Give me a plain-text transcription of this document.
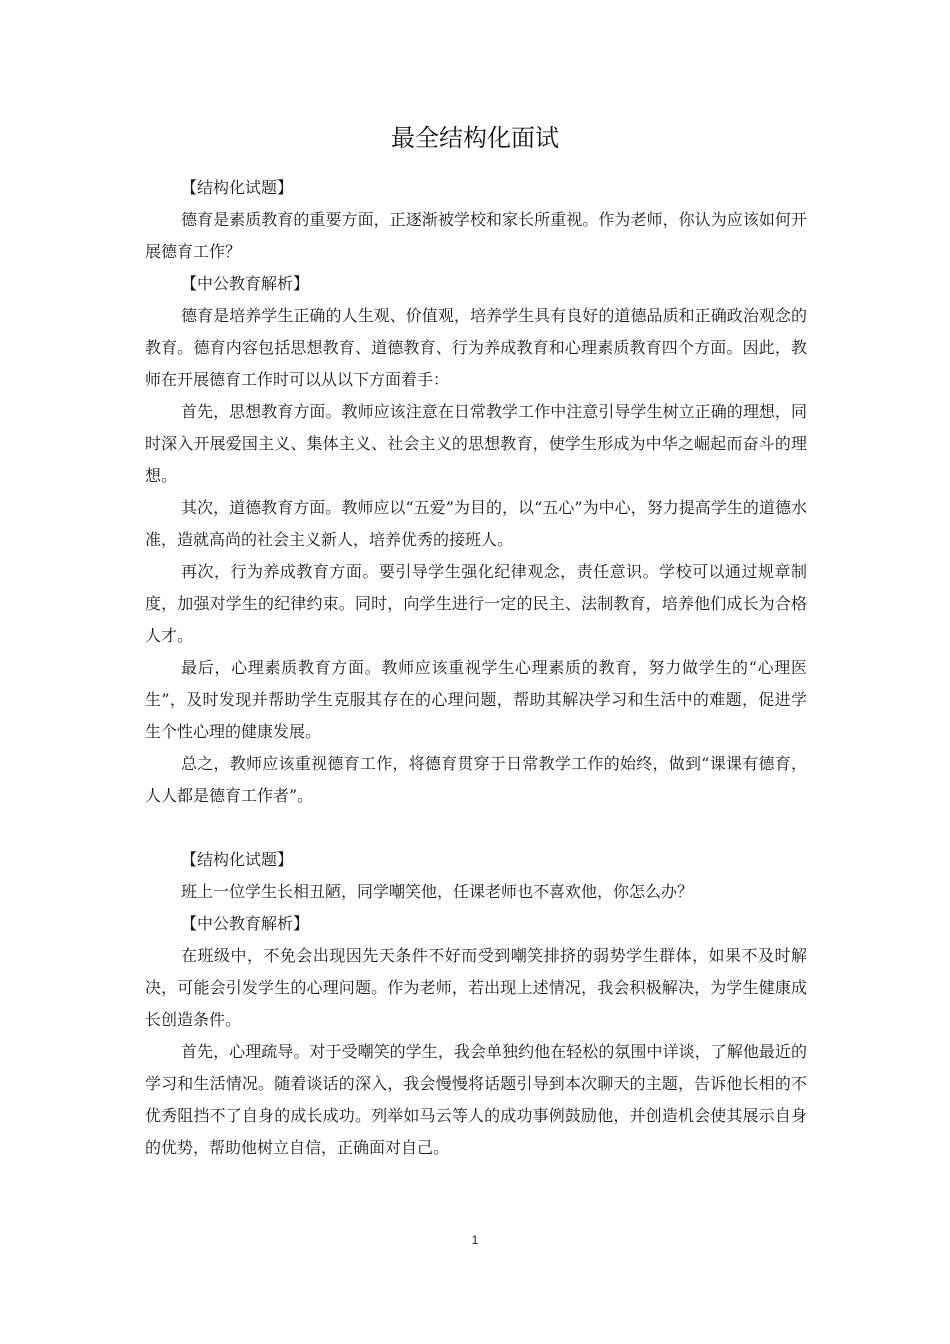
最全结构化面试

【结构化试题】

德育是素质教育的重要方面，正逐渐被学校和家长所重视。作为老师，你认为应该如何开展德育工作？

【中公教育解析】

德育是培养学生正确的人生观、价值观，培养学生具有良好的道德品质和正确政治观念的教育。德育内容包括思想教育、道德教育、行为养成教育和心理素质教育四个方面。因此，教师在开展德育工作时可以从以下方面着手：

首先，思想教育方面。教师应该注意在日常教学工作中注意引导学生树立正确的理想，同时深入开展爱国主义、集体主义、社会主义的思想教育，使学生形成为中华之崛起而奋斗的理想。

其次，道德教育方面。教师应以“五爱”为目的，以“五心”为中心，努力提高学生的道德水准，造就高尚的社会主义新人，培养优秀的接班人。

再次，行为养成教育方面。要引导学生强化纪律观念，责任意识。学校可以通过规章制度，加强对学生的纪律约束。同时，向学生进行一定的民主、法制教育，培养他们成长为合格人才。

最后，心理素质教育方面。教师应该重视学生心理素质的教育，努力做学生的“心理医生”，及时发现并帮助学生克服其存在的心理问题，帮助其解决学习和生活中的难题，促进学生个性心理的健康发展。

总之，教师应该重视德育工作，将德育贯穿于日常教学工作的始终，做到“课课有德育，人人都是德育工作者”。

【结构化试题】

班上一位学生长相丑陋，同学嘲笑他，任课老师也不喜欢他，你怎么办？

【中公教育解析】

在班级中，不免会出现因先天条件不好而受到嘲笑排挤的弱势学生群体，如果不及时解决，可能会引发学生的心理问题。作为老师，若出现上述情况，我会积极解决，为学生健康成长创造条件。

首先，心理疏导。对于受嘲笑的学生，我会单独约他在轻松的氛围中详谈，了解他最近的学习和生活情况。随着谈话的深入，我会慢慢将话题引导到本次聊天的主题，告诉他长相的不优秀阻挡不了自身的成长成功。列举如马云等人的成功事例鼓励他，并创造机会使其展示自身的优势，帮助他树立自信，正确面对自己。

1
